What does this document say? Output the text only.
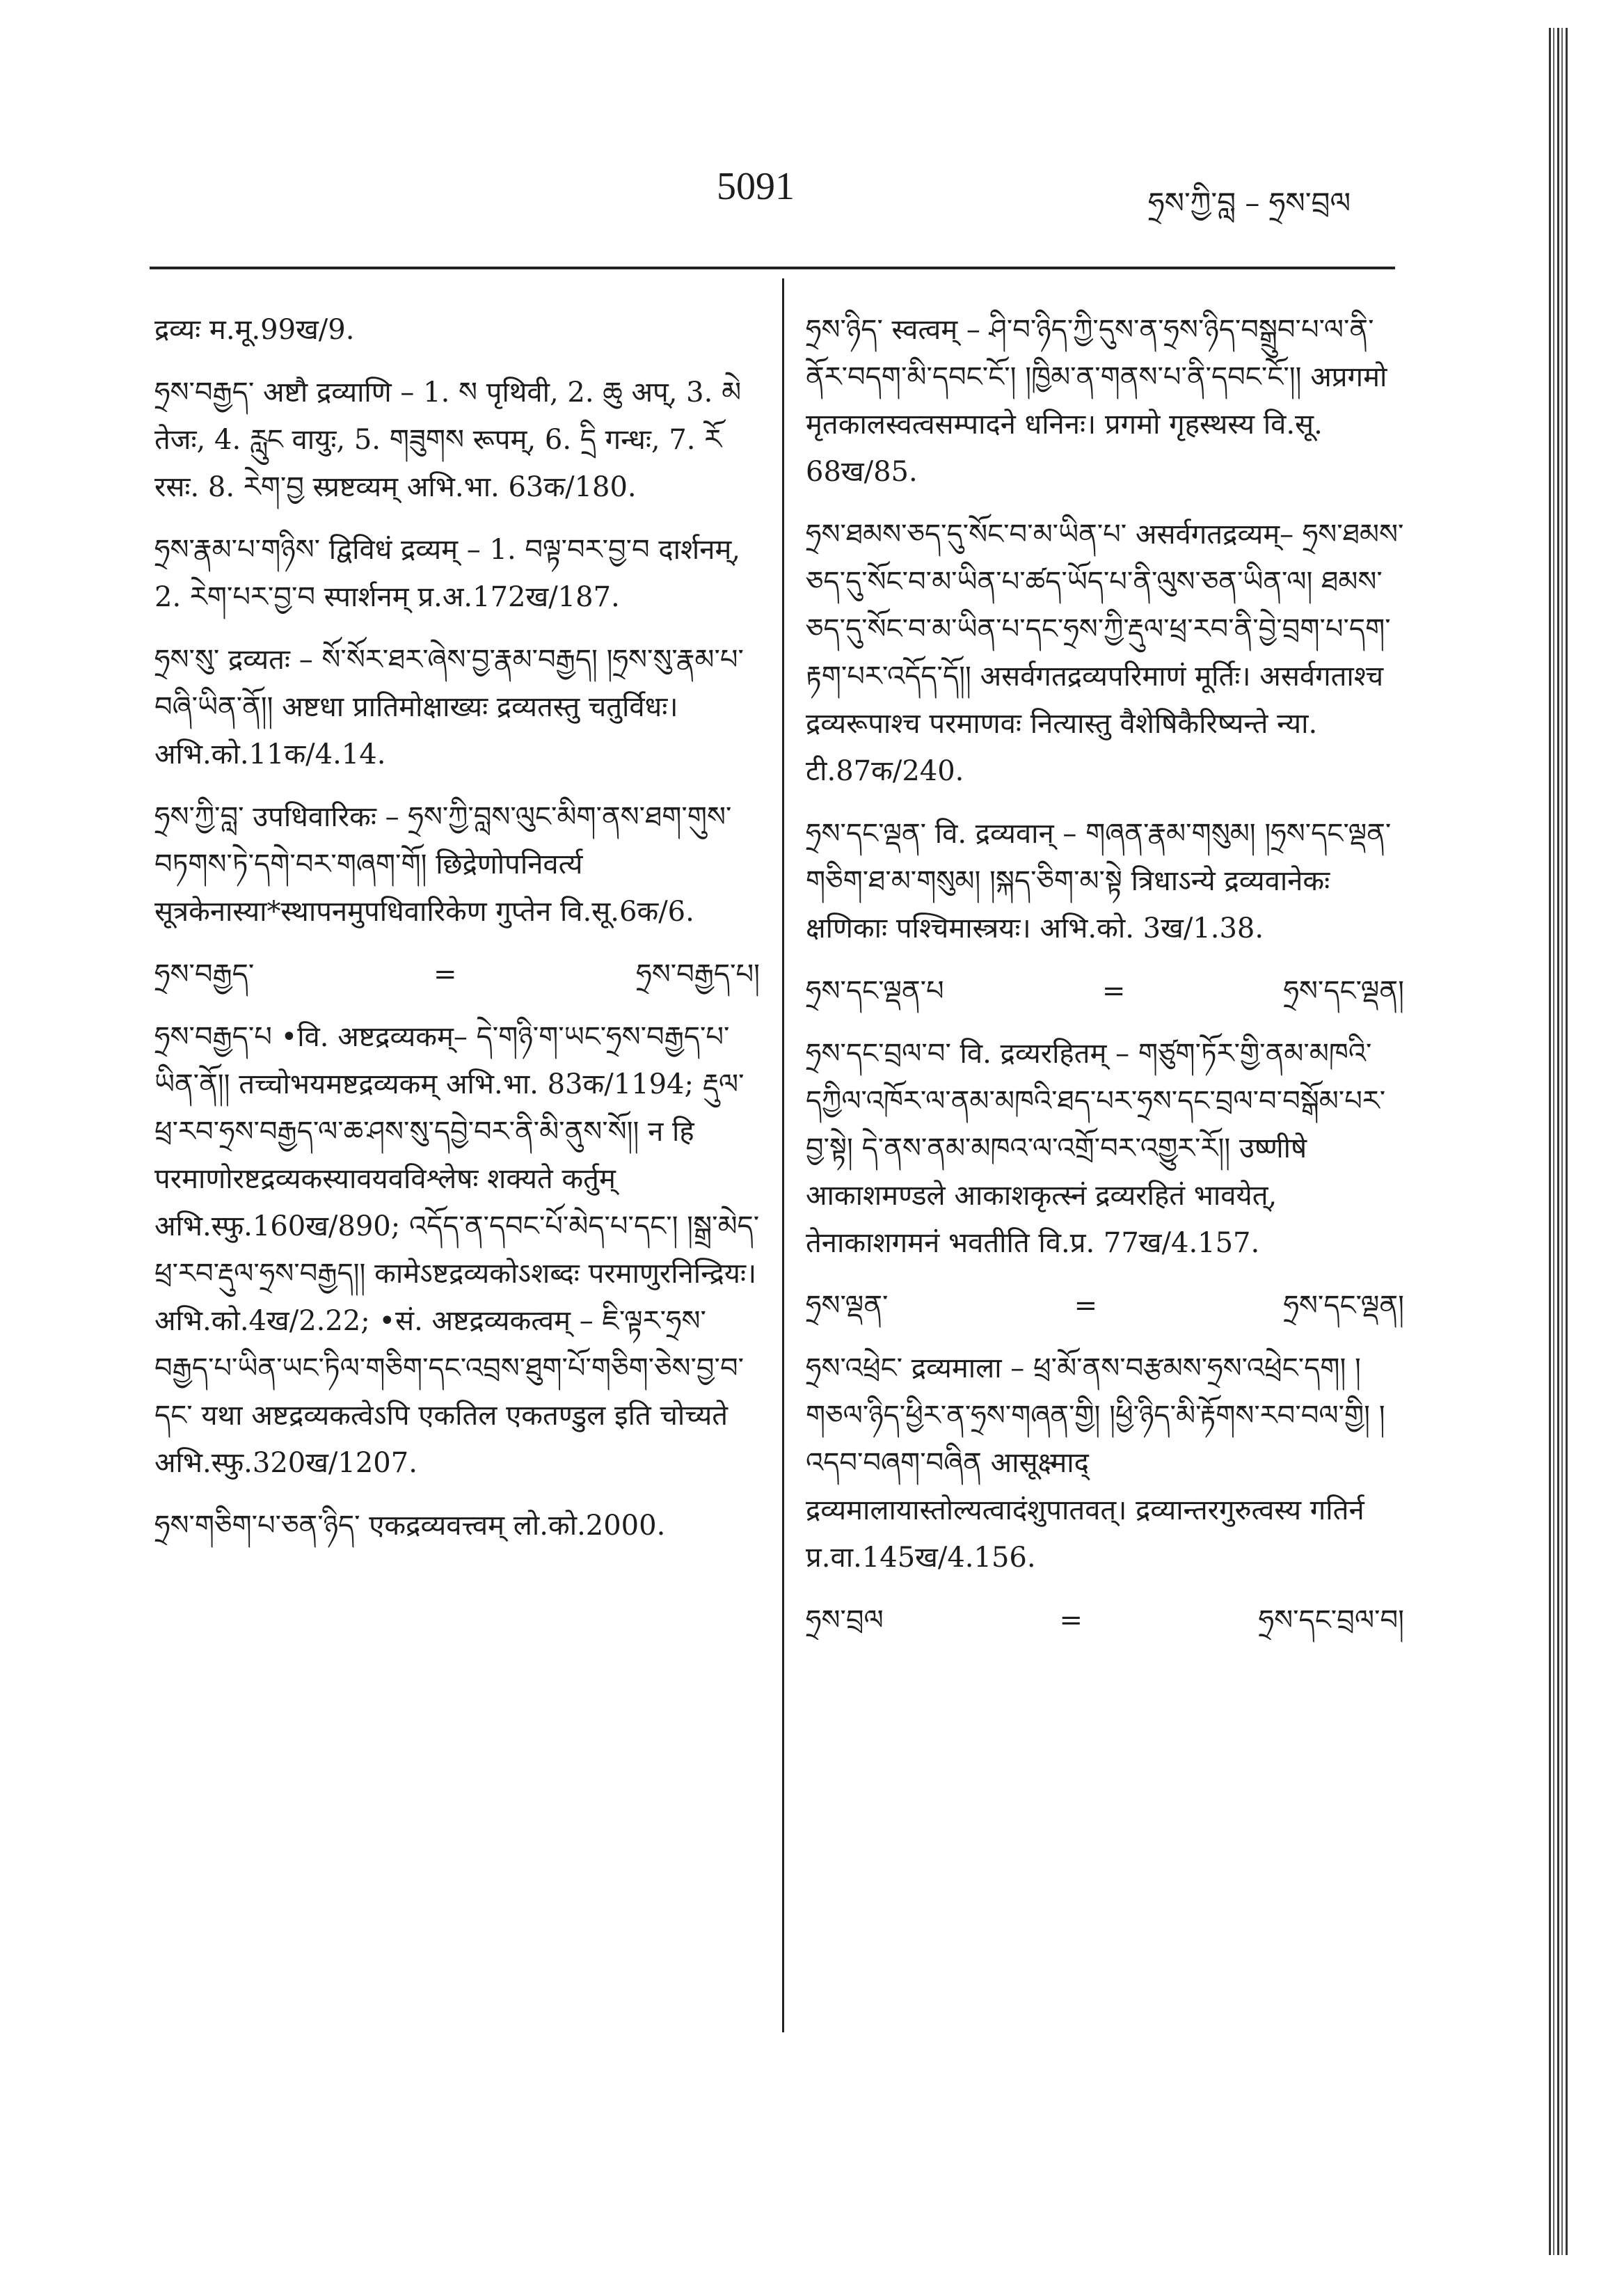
5091	ཧྲས་ཀྱི་བླ – ཧྲས་བྲལ

द्रव्यः म.मू.99ख/9.

ཧྲས་བརྒྱད་ अष्टौ द्रव्याणि – 1. ས पृथिवी, 2. ཆུ अप्, 3. མེ तेजः, 4. རླུང वायुः, 5. གཟུགས रूपम्, 6. དྲི गन्धः, 7. རོ रसः. 8. རེག་བྱ स्प्रष्टव्यम् अभि.भा. 63क/180.

ཧྲས་རྣམ་པ་གཉིས་ द्विविधं द्रव्यम् – 1. བལྟ་བར་བྱ་བ दार्शनम्, 2. རེག་པར་བྱ་བ स्पार्शनम् प्र.अ.172ख/187.

ཧྲས་སུ་ द्रव्यतः – སོ་སོར་ཐར་ཞེས་བྱ་རྣམ་བརྒྱད། །ཧྲས་སུ་རྣམ་པ་བཞི་ཡིན་ནོ།། अष्टधा प्रातिमोक्षाख्यः द्रव्यतस्तु चतुर्विधः। अभि.को.11क/4.14.

ཧྲས་ཀྱི་བླ་ उपधिवारिकः – ཧྲས་ཀྱི་བླས་ལུང་མིག་ནས་ཐག་གུས་བཏགས་ཏེ་དགེ་བར་གཞག་གོ། छिद्रेणोपनिवर्त्य सूत्रकेनास्या*स्थापनमुपधिवारिकेण गुप्तेन वि.सू.6क/6.

ཧྲས་བརྒྱད་	=	ཧྲས་བརྒྱད་པ།

ཧྲས་བརྒྱད་པ •वि. अष्टद्रव्यकम्– དེ་གཉི་ག་ཡང་ཧྲས་བརྒྱད་པ་ཡིན་ནོ།། तच्चोभयमष्टद्रव्यकम् अभि.भा. 83क/1194; རྡུལ་ཕྲ་རབ་ཧྲས་བརྒྱད་ལ་ཆ་ཤས་སུ་དབྱེ་བར་ནི་མི་ནུས་སོ།། न हि परमाणोरष्टद्रव्यकस्यावयवविश्लेषः शक्यते कर्तुम् अभि.स्फु.160ख/890; འདོད་ན་དབང་པོ་མེད་པ་དང་། །སྒྲ་མེད་ཕྲ་རབ་རྡུལ་ཧྲས་བརྒྱད།། कामेऽष्टद्रव्यकोऽशब्दः परमाणुरनिन्द्रियः। अभि.को.4ख/2.22; •सं. अष्टद्रव्यकत्वम् – ཇི་ལྟར་ཧྲས་བརྒྱད་པ་ཡིན་ཡང་ཏིལ་གཅིག་དང་འབྲས་ཐུག་པོ་གཅིག་ཅེས་བྱ་བ་དང་ यथा अष्टद्रव्यकत्वेऽपि एकतिल एकतण्डुल इति चोच्यते अभि.स्फु.320ख/1207.

ཧྲས་གཅིག་པ་ཅན་ཉིད་ एकद्रव्यवत्त्वम् लो.को.2000.

ཧྲས་ཉིད་ स्वत्वम् – ཤི་བ་ཉིད་ཀྱི་དུས་ན་ཧྲས་ཉིད་བསྒྲུབ་པ་ལ་ནི་ནོར་བདག་མི་དབང་ངོ་། །ཁྱིམ་ན་གནས་པ་ནི་དབང་ངོ་།། अप्रगमो मृतकालस्वत्वसम्पादने धनिनः। प्रगमो गृहस्थस्य वि.सू. 68ख/85.

ཧྲས་ཐམས་ཅད་དུ་སོང་བ་མ་ཡིན་པ་ असर्वगतद्रव्यम्– ཧྲས་ཐམས་ཅད་དུ་སོང་བ་མ་ཡིན་པ་ཚད་ཡོད་པ་ནི་ལུས་ཅན་ཡིན་ལ། ཐམས་ཅད་དུ་སོང་བ་མ་ཡིན་པ་དང་ཧྲས་ཀྱི་རྡུལ་ཕྲ་རབ་ནི་བྱེ་བྲག་པ་དག་རྟག་པར་འདོད་དོ།། असर्वगतद्रव्यपरिमाणं मूर्तिः। असर्वगताश्च द्रव्यरूपाश्च परमाणवः नित्यास्तु वैशेषिकैरिष्यन्ते न्या. टी.87क/240.

ཧྲས་དང་ལྡན་ वि. द्रव्यवान् – གཞན་རྣམ་གསུམ། །ཧྲས་དང་ལྡན་གཅིག་ཐ་མ་གསུམ། །སྐད་ཅིག་མ་སྟེ त्रिधाऽन्ये द्रव्यवानेकः क्षणिकाः पश्चिमास्त्रयः। अभि.को. 3ख/1.38.

ཧྲས་དང་ལྡན་པ	=	ཧྲས་དང་ལྡན།

ཧྲས་དང་བྲལ་བ་ वि. द्रव्यरहितम् – གཙུག་ཏོར་གྱི་ནམ་མཁའི་དཀྱིལ་འཁོར་ལ་ནམ་མཁའི་ཐད་པར་ཧྲས་དང་བྲལ་བ་བསྒོམ་པར་བྱ་སྟེ། དེ་ནས་ནམ་མཁའ་ལ་འགྲོ་བར་འགྱུར་རོ།། उष्णीषे आकाशमण्डले आकाशकृत्स्नं द्रव्यरहितं भावयेत्, तेनाकाशगमनं भवतीति वि.प्र. 77ख/4.157.

ཧྲས་ལྡན་	=	ཧྲས་དང་ལྡན།

ཧྲས་འཕྲེང་ द्रव्यमाला – ཕྲ་མོ་ནས་བརྩམས་ཧྲས་འཕྲེང་དག། །གཅལ་ཉིད་ཕྱིར་ན་ཧྲས་གཞན་གྱི། །ཕྱི་ཉིད་མི་རྟོགས་རབ་བལ་གྱི། །འདབ་བཞག་བཞིན आसूक्ष्माद् द्रव्यमालायास्तोल्यत्वादंशुपातवत्। द्रव्यान्तरगुरुत्वस्य गतिर्न प्र.वा.145ख/4.156.

ཧྲས་བྲལ	=	ཧྲས་དང་བྲལ་བ།
